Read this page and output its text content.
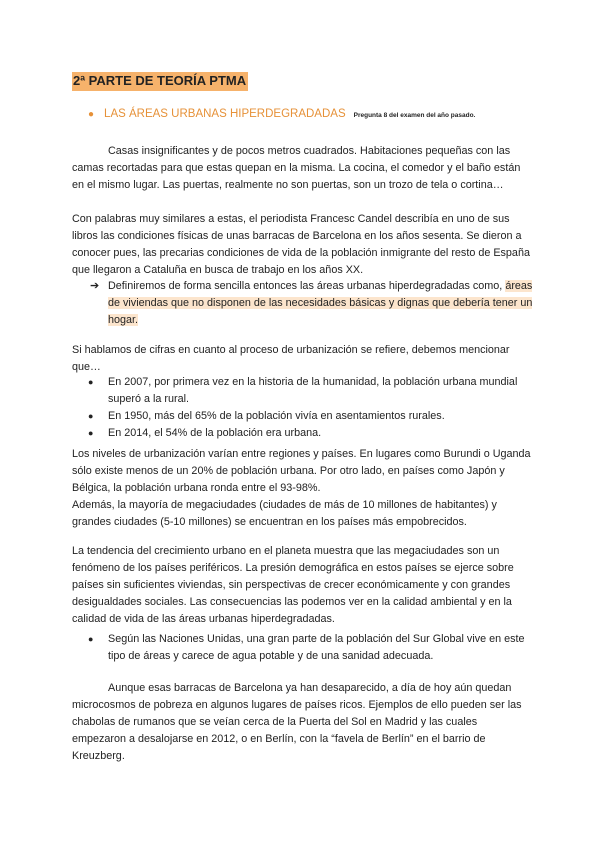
2ª PARTE DE TEORÍA PTMA
● LAS ÁREAS URBANAS HIPERDEGRADADAS Pregunta 8 del examen del año pasado.

Casas insignificantes y de pocos metros cuadrados. Habitaciones pequeñas con las camas recortadas para que estas quepan en la misma. La cocina, el comedor y el baño están en el mismo lugar. Las puertas, realmente no son puertas, son un trozo de tela o cortina…

Con palabras muy similares a estas, el periodista Francesc Candel describía en uno de sus libros las condiciones físicas de unas barracas de Barcelona en los años sesenta. Se dieron a conocer pues, las precarias condiciones de vida de la población inmigrante del resto de España que llegaron a Cataluña en busca de trabajo en los años XX.

➔ Definiremos de forma sencilla entonces las áreas urbanas hiperdegradadas como, áreas de viviendas que no disponen de las necesidades básicas y dignas que debería tener un hogar.

Si hablamos de cifras en cuanto al proceso de urbanización se refiere, debemos mencionar que…

●	En 2007, por primera vez en la historia de la humanidad, la población urbana mundial superó a la rural.
●	En 1950, más del 65% de la población vivía en asentamientos rurales.
●	En 2014, el 54% de la población era urbana.

Los niveles de urbanización varían entre regiones y países. En lugares como Burundi o Uganda sólo existe menos de un 20% de población urbana. Por otro lado, en países como Japón y Bélgica, la población urbana ronda entre el 93-98%.

Además, la mayoría de megaciudades (ciudades de más de 10 millones de habitantes) y grandes ciudades (5-10 millones) se encuentran en los países más empobrecidos.

La tendencia del crecimiento urbano en el planeta muestra que las megaciudades son un fenómeno de los países periféricos. La presión demográfica en estos países se ejerce sobre países sin suficientes viviendas, sin perspectivas de crecer económicamente y con grandes desigualdades sociales. Las consecuencias las podemos ver en la calidad ambiental y en la calidad de vida de las áreas urbanas hiperdegradadas.

●	Según las Naciones Unidas, una gran parte de la población del Sur Global vive en este tipo de áreas y carece de agua potable y de una sanidad adecuada.

Aunque esas barracas de Barcelona ya han desaparecido, a día de hoy aún quedan microcosmos de pobreza en algunos lugares de países ricos. Ejemplos de ello pueden ser las chabolas de rumanos que se veían cerca de la Puerta del Sol en Madrid y las cuales empezaron a desalojarse en 2012, o en Berlín, con la “favela de Berlín” en el barrio de Kreuzberg.
